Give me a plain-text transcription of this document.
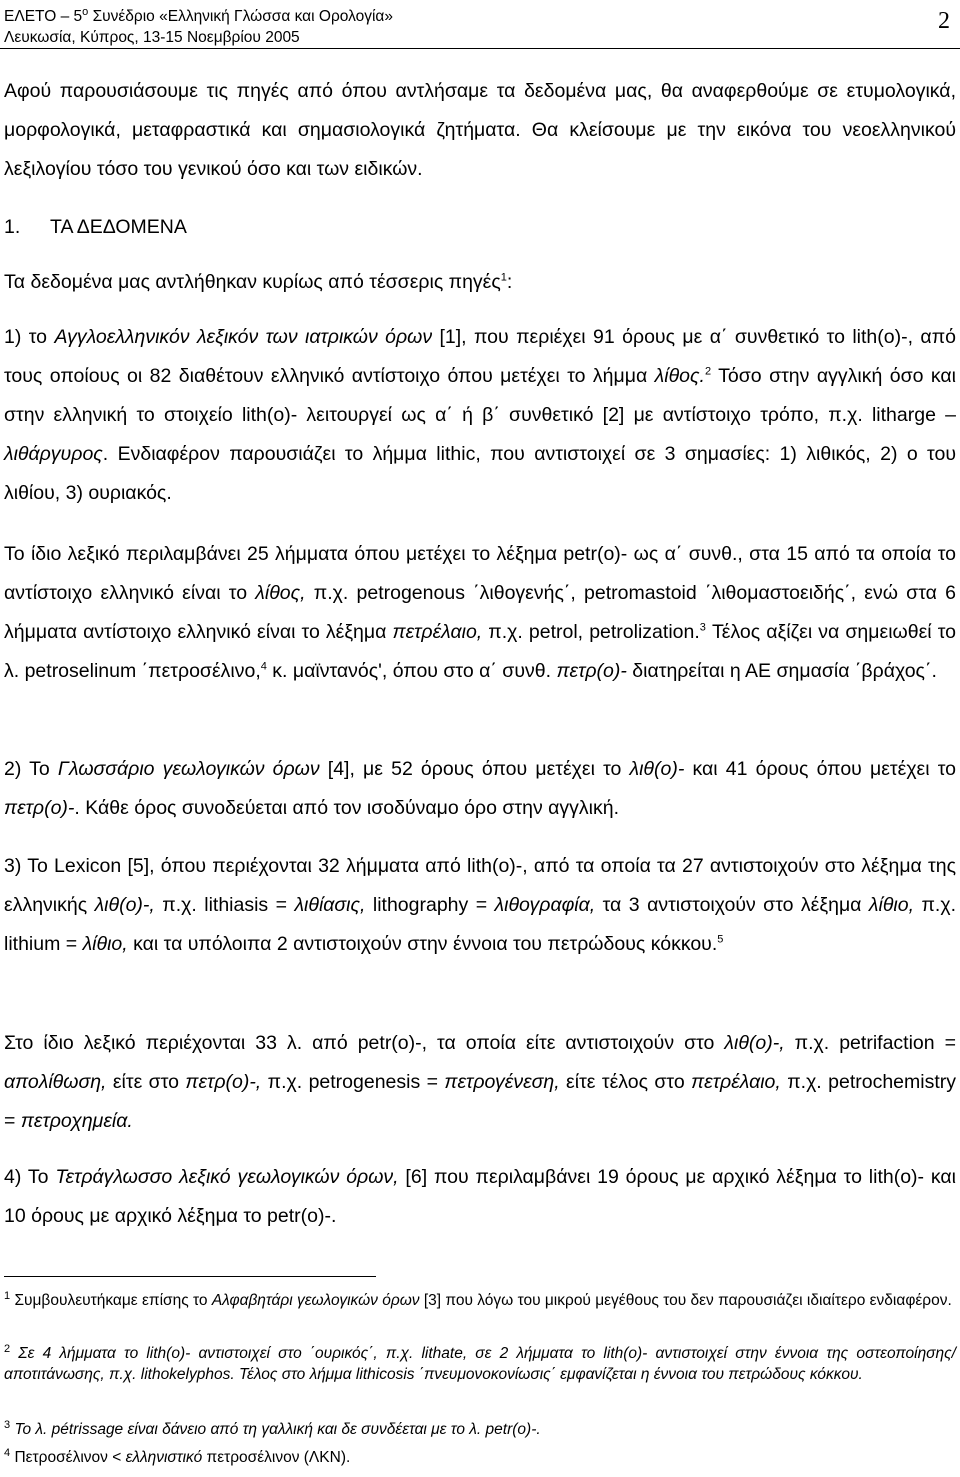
ΕΛΕΤΟ – $5^o$ Συνέδριο «Ελληνική Γλώσσα και Ορολογία»
Λευκωσία, Κύπρος, 13-15 Νοεμβρίου 2005
2
Αφού παρουσιάσουμε τις πηγές από όπου αντλήσαμε τα δεδομένα μας, θα αναφερθούμε σε ετυμολογικά, μορφολογικά, μεταφραστικά και σημασιολογικά ζητήματα. Θα κλείσουμε με την εικόνα του νεοελληνικού λεξιλογίου τόσο του γενικού όσο και των ειδικών.
1. ΤΑ ΔΕΔΟΜΕΝΑ
Τα δεδομένα μας αντλήθηκαν κυρίως από τέσσερις πηγές$^1$:
1) το Αγγλοελληνικόν λεξικόν των ιατρικών όρων [1], που περιέχει 91 όρους με α΄ συνθετικό το lith(o)-, από τους οποίους οι 82 διαθέτουν ελληνικό αντίστοιχο όπου μετέχει το λήμμα λίθος.$^2$ Τόσο στην αγγλική όσο και στην ελληνική το στοιχείο lith(o)- λειτουργεί ως α΄ ή β΄ συνθετικό [2] με αντίστοιχο τρόπο, π.χ. litharge – λιθάργυρος. Ενδιαφέρον παρουσιάζει το λήμμα lithic, που αντιστοιχεί σε 3 σημασίες: 1) λιθικός, 2) ο του λιθίου, 3) ουριακός.
Το ίδιο λεξικό περιλαμβάνει 25 λήμματα όπου μετέχει το λέξημα petr(o)- ως α΄ συνθ., στα 15 από τα οποία το αντίστοιχο ελληνικό είναι το λίθος, π.χ. petrogenous ΄λιθογενής΄, petromastoid ΄λιθομαστοειδής΄, ενώ στα 6 λήμματα αντίστοιχο ελληνικό είναι το λέξημα πετρέλαιο, π.χ. petrol, petrolization.$^3$ Τέλος αξίζει να σημειωθεί το λ. petroselinum ΄πετροσέλινο,$^4$ κ. μαϊντανός', όπου στο α΄ συνθ. πετρ(ο)- διατηρείται η ΑΕ σημασία ΄βράχος΄.
2) Το Γλωσσάριο γεωλογικών όρων [4], με 52 όρους όπου μετέχει το λιθ(ο)- και 41 όρους όπου μετέχει το πετρ(ο)-. Κάθε όρος συνοδεύεται από τον ισοδύναμο όρο στην αγγλική.
3) Το Lexicon [5], όπου περιέχονται 32 λήμματα από lith(o)-, από τα οποία τα 27 αντιστοιχούν στο λέξημα της ελληνικής λιθ(ο)-, π.χ. lithiasis = λιθίασις, lithography = λιθογραφία, τα 3 αντιστοιχούν στο λέξημα λίθιο, π.χ. lithium = λίθιο, και τα υπόλοιπα 2 αντιστοιχούν στην έννοια του πετρώδους κόκκου.$^5$
Στο ίδιο λεξικό περιέχονται 33 λ. από petr(o)-, τα οποία είτε αντιστοιχούν στο λιθ(ο)-, π.χ. petrifaction = απολίθωση, είτε στο πετρ(ο)-, π.χ. petrogenesis = πετρογένεση, είτε τέλος στο πετρέλαιο, π.χ. petrochemistry = πετροχημεία.
4) Το Τετράγλωσσο λεξικό γεωλογικών όρων, [6] που περιλαμβάνει 19 όρους με αρχικό λέξημα το lith(o)- και 10 όρους με αρχικό λέξημα το petr(o)-.
$^1$ Συμβουλευτήκαμε επίσης το Αλφαβητάρι γεωλογικών όρων [3] που λόγω του μικρού μεγέθους του δεν παρουσιάζει ιδιαίτερο ενδιαφέρον.
$^2$ Σε 4 λήμματα το lith(o)- αντιστοιχεί στο ΄ουρικός΄, π.χ. lithate, σε 2 λήμματα το lith(o)- αντιστοιχεί στην έννοια της οστεοποίησης/αποτιτάνωσης, π.χ. lithokelyphos. Τέλος στο λήμμα lithicosis ΄πνευμονοκονίωσις΄ εμφανίζεται η έννοια του πετρώδους κόκκου.
$^3$ Το λ. pétrissage είναι δάνειο από τη γαλλική και δε συνδέεται με το λ. petr(o)-.
$^4$ Πετροσέλινον < ελληνιστικό πετροσέλινον (ΛΚΝ).
